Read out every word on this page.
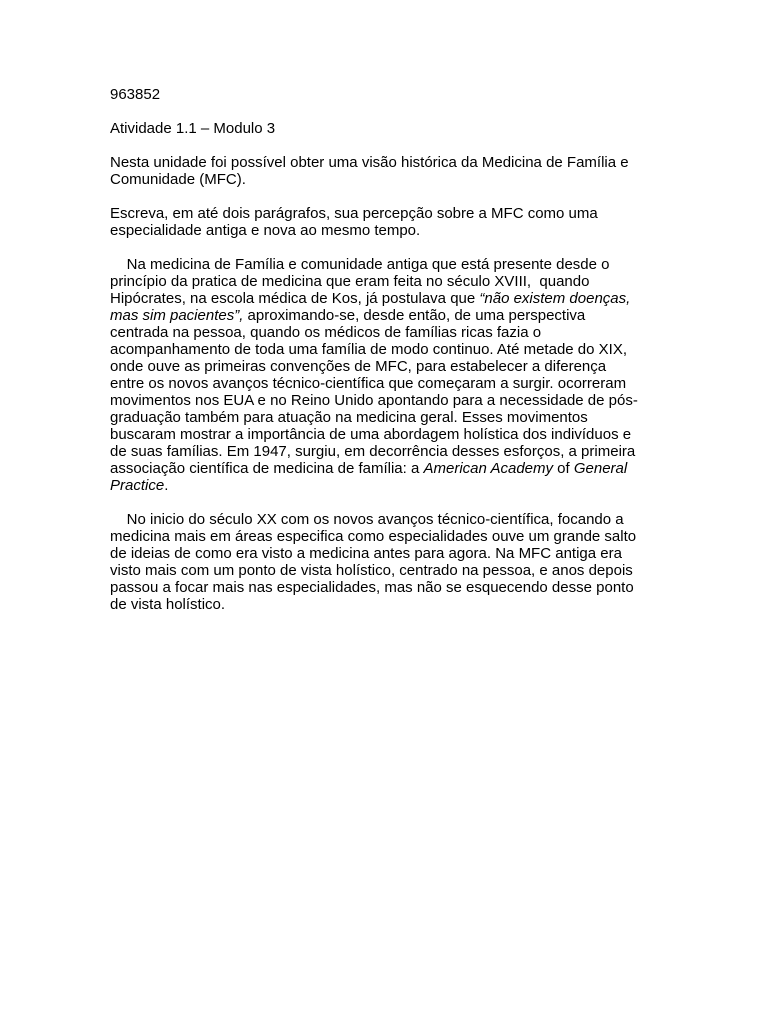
963852
Atividade 1.1 – Modulo 3
Nesta unidade foi possível obter uma visão histórica da Medicina de Família e
Comunidade (MFC).
Escreva, em até dois parágrafos, sua percepção sobre a MFC como uma
especialidade antiga e nova ao mesmo tempo.
Na medicina de Família e comunidade antiga que está presente desde o
princípio da pratica de medicina que eram feita no século XVIII,  quando
Hipócrates, na escola médica de Kos, já postulava que “não existem doenças,
mas sim pacientes”, aproximando-se, desde então, de uma perspectiva
centrada na pessoa, quando os médicos de famílias ricas fazia o
acompanhamento de toda uma família de modo continuo. Até metade do XIX,
onde ouve as primeiras convenções de MFC, para estabelecer a diferença
entre os novos avanços técnico-científica que começaram a surgir. ocorreram
movimentos nos EUA e no Reino Unido apontando para a necessidade de pós-
graduação também para atuação na medicina geral. Esses movimentos
buscaram mostrar a importância de uma abordagem holística dos indivíduos e
de suas famílias. Em 1947, surgiu, em decorrência desses esforços, a primeira
associação científica de medicina de família: a American Academy of General
Practice.
No inicio do século XX com os novos avanços técnico-científica, focando a
medicina mais em áreas especifica como especialidades ouve um grande salto
de ideias de como era visto a medicina antes para agora. Na MFC antiga era
visto mais com um ponto de vista holístico, centrado na pessoa, e anos depois
passou a focar mais nas especialidades, mas não se esquecendo desse ponto
de vista holístico.
